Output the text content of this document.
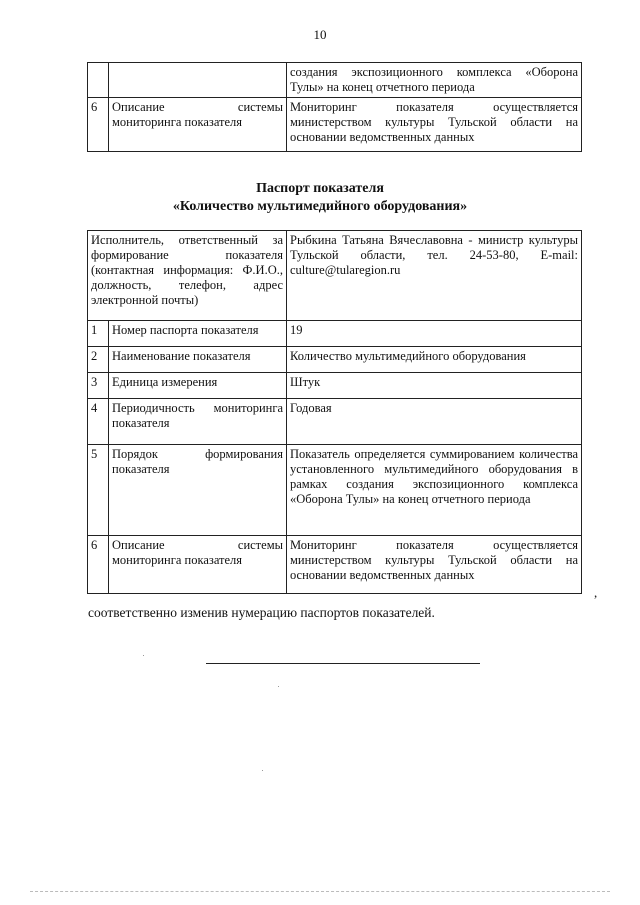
10
		создания экспозиционного комплекса «Оборона Тулы» на конец отчетного периода
6	Описание системы мониторинга показателя	Мониторинг показателя осуществляется министерством культуры Тульской области на основании ведомственных данных
Паспорт показателя
«Количество мультимедийного оборудования»
Исполнитель, ответственный за формирование показателя (контактная информация: Ф.И.О., должность, телефон, адрес электронной почты)		Рыбкина Татьяна Вячеславовна - министр культуры Тульской области, тел. 24-53-80, E-mail: culture@tularegion.ru
1	Номер паспорта показателя	19
2	Наименование показателя	Количество мультимедийного оборудования
3	Единица измерения	Штук
4	Периодичность мониторинга показателя	Годовая
5	Порядок формирования показателя	Показатель определяется суммированием количества установленного мультимедийного оборудования в рамках создания экспозиционного комплекса «Оборона Тулы» на конец отчетного периода
6	Описание системы мониторинга показателя	Мониторинг показателя осуществляется министерством культуры Тульской области на основании ведомственных данных
,
соответственно изменив нумерацию паспортов показателей.
